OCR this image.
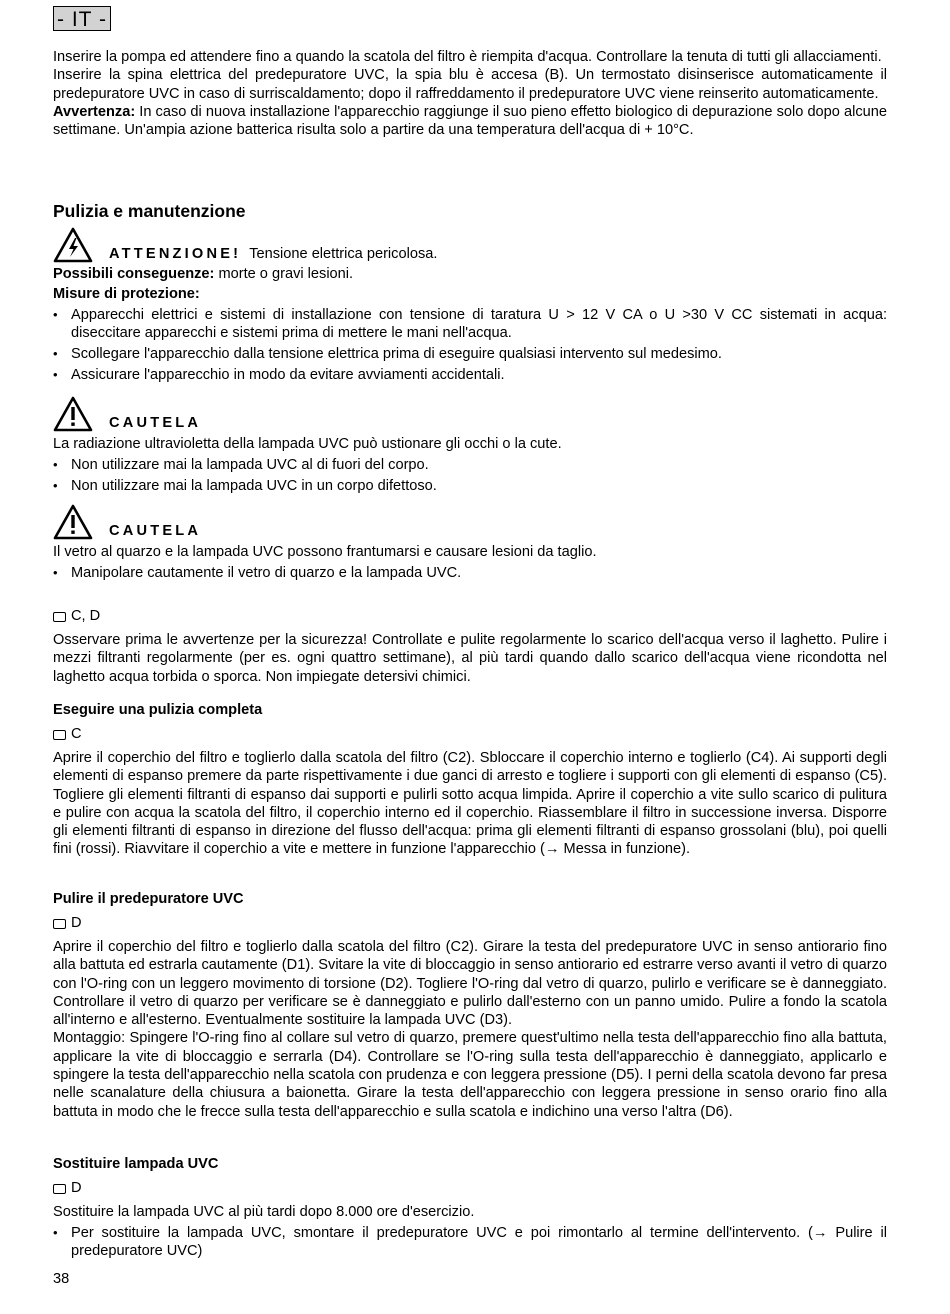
- IT -

Inserire la pompa ed attendere fino a quando la scatola del filtro è riempita d'acqua. Controllare la tenuta di tutti gli allacciamenti.

Inserire la spina elettrica del predepuratore UVC, la spia blu è accesa (B). Un termostato disinserisce automaticamente il predepuratore UVC in caso di surriscaldamento; dopo il raffreddamento il predepuratore UVC viene reinserito automaticamente.

Avvertenza: In caso di nuova installazione l'apparecchio raggiunge il suo pieno effetto biologico di depurazione solo dopo alcune settimane. Un'ampia azione batterica risulta solo a partire da una temperatura dell'acqua di + 10°C.

Pulizia e manutenzione
ATTENZIONE! Tensione elettrica pericolosa.

Possibili conseguenze: morte o gravi lesioni.

Misure di protezione:

• Apparecchi elettrici e sistemi di installazione con tensione di taratura U > 12 V CA o U >30 V CC sistemati in acqua: diseccitare apparecchi e sistemi prima di mettere le mani nell'acqua.
• Scollegare l'apparecchio dalla tensione elettrica prima di eseguire qualsiasi intervento sul medesimo.
• Assicurare l'apparecchio in modo da evitare avviamenti accidentali.
CAUTELA

La radiazione ultravioletta della lampada UVC può ustionare gli occhi o la cute.

• Non utilizzare mai la lampada UVC al di fuori del corpo.
• Non utilizzare mai la lampada UVC in un corpo difettoso.
CAUTELA

Il vetro al quarzo e la lampada UVC possono frantumarsi e causare lesioni da taglio.

• Manipolare cautamente il vetro di quarzo e la lampada UVC.
C, D

Osservare prima le avvertenze per la sicurezza! Controllate e pulite regolarmente lo scarico dell'acqua verso il laghetto. Pulire i mezzi filtranti regolarmente (per es. ogni quattro settimane), al più tardi quando dallo scarico dell'acqua viene ricondotta nel laghetto acqua torbida o sporca. Non impiegate detersivi chimici.

Eseguire una pulizia completa
C

Aprire il coperchio del filtro e toglierlo dalla scatola del filtro (C2). Sbloccare il coperchio interno e toglierlo (C4). Ai supporti degli elementi di espanso premere da parte rispettivamente i due ganci di arresto e togliere i supporti con gli elementi di espanso (C5). Togliere gli elementi filtranti di espanso dai supporti e pulirli sotto acqua limpida. Aprire il coperchio a vite sullo scarico di pulitura e pulire con acqua la scatola del filtro, il coperchio interno ed il coperchio. Riassemblare il filtro in successione inversa. Disporre gli elementi filtranti di espanso in direzione del flusso dell'acqua: prima gli elementi filtranti di espanso grossolani (blu), poi quelli fini (rossi). Riavvitare il coperchio a vite e mettere in funzione l'apparecchio (→ Messa in funzione).

Pulire il predepuratore UVC
D

Aprire il coperchio del filtro e toglierlo dalla scatola del filtro (C2). Girare la testa del predepuratore UVC in senso antiorario fino alla battuta ed estrarla cautamente (D1). Svitare la vite di bloccaggio in senso antiorario ed estrarre verso avanti il vetro di quarzo con l'O-ring con un leggero movimento di torsione (D2). Togliere l'O-ring dal vetro di quarzo, pulirlo e verificare se è danneggiato. Controllare il vetro di quarzo per verificare se è danneggiato e pulirlo dall'esterno con un panno umido. Pulire a fondo la scatola all'interno e all'esterno. Eventualmente sostituire la lampada UVC (D3).

Montaggio: Spingere l'O-ring fino al collare sul vetro di quarzo, premere quest'ultimo nella testa dell'apparecchio fino alla battuta, applicare la vite di bloccaggio e serrarla (D4). Controllare se l'O-ring sulla testa dell'apparecchio è danneggiato, applicarlo e spingere la testa dell'apparecchio nella scatola con prudenza e con leggera pressione (D5). I perni della scatola devono far presa nelle scanalature della chiusura a baionetta. Girare la testa dell'apparecchio con leggera pressione in senso orario fino alla battuta in modo che le frecce sulla testa dell'apparecchio e sulla scatola e indichino una verso l'altra (D6).

Sostituire lampada UVC
D

Sostituire la lampada UVC al più tardi dopo 8.000 ore d'esercizio.

• Per sostituire la lampada UVC, smontare il predepuratore UVC e poi rimontarlo al termine dell'intervento. (→ Pulire il predepuratore UVC)
38
